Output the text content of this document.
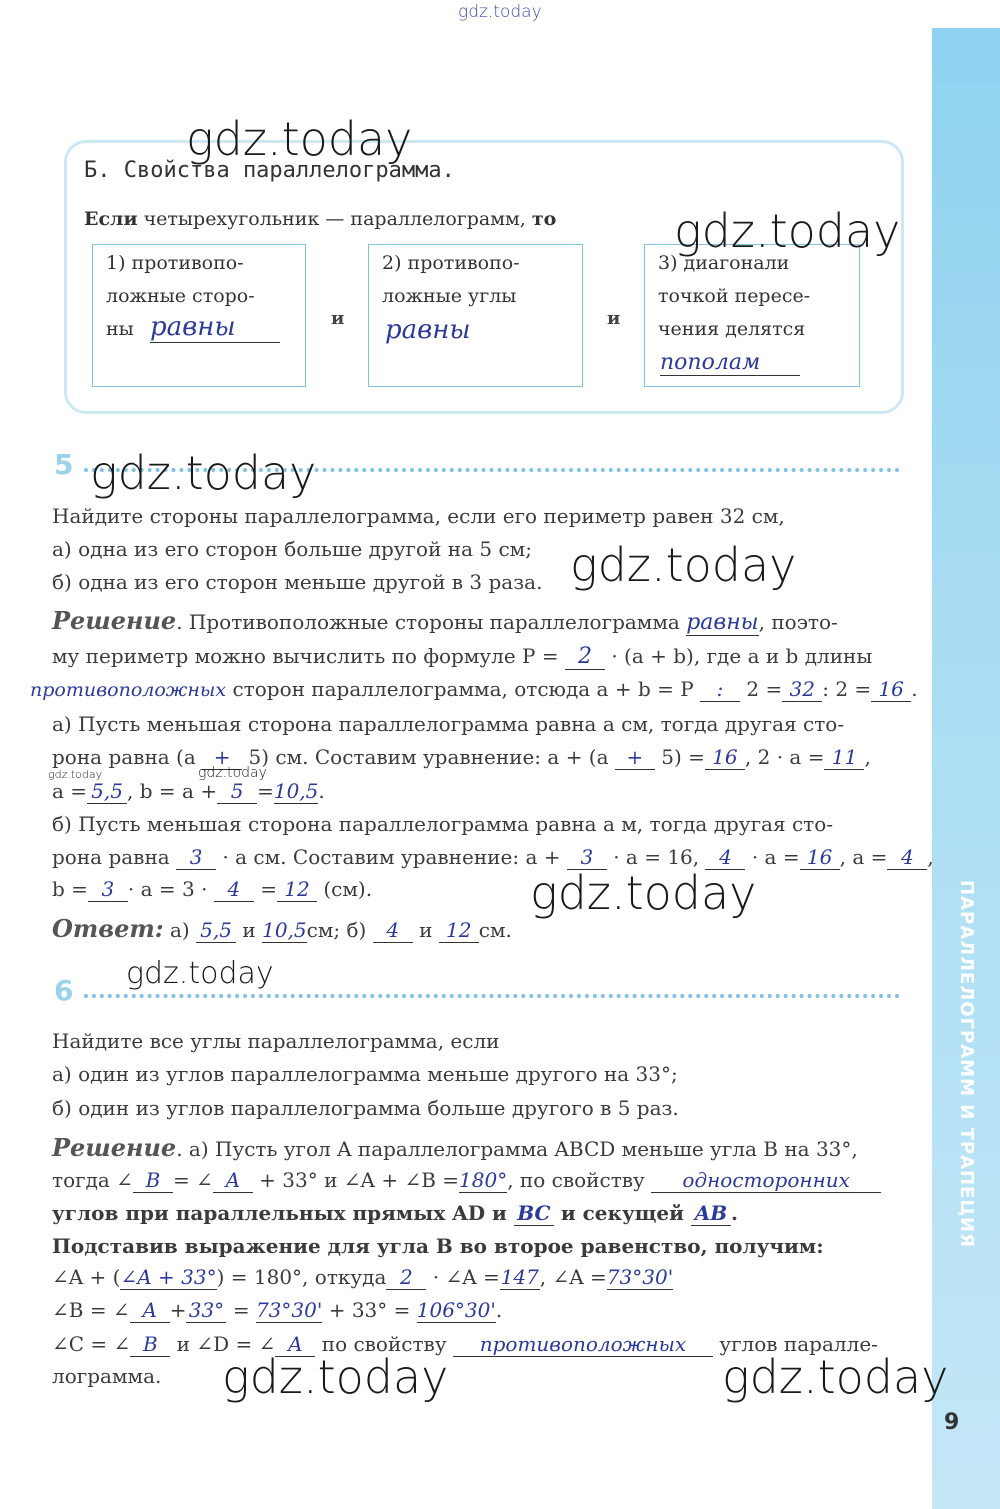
ПАРАЛЛЕЛОГРАММ И ТРАПЕЦИЯ
9
gdz.today
Б. Свойства параллелограмма.
Если четырехугольник — параллелограмм, то
1) противопо-
ложные сторо-
ны равны	и
2) противопо-
ложные углы
равны	и
3) диагонали
точкой пересе-
чения делятся
пополам
5
Найдите стороны параллелограмма, если его периметр равен 32 см,
а) одна из его сторон больше другой на 5 см;
б) одна из его сторон меньше другой в 3 раза.
Решение. Противоположные стороны параллелограмма равны, поэто-
му периметр можно вычислить по формуле P = 2 · (a + b), где a и b длины
противоположных сторон параллелограмма, отсюда a + b = P : 2 = 32 : 2 = 16 .
а) Пусть меньшая сторона параллелограмма равна a см, тогда другая сто-
рона равна (a + 5) см. Составим уравнение: a + (a + 5) = 16 , 2 · a = 11 ,
a = 5,5 , b = a + 5 =10,5.
б) Пусть меньшая сторона параллелограмма равна a м, тогда другая сто-
рона равна 3 · a см. Составим уравнение: a + 3 · a = 16, 4 · a = 16 , a = 4 ,
b = 3 · a = 3 · 4 = 12 (см).
Ответ: а) 5,5 и 10,5см; б) 4 и 12 см.
6
Найдите все углы параллелограмма, если
а) один из углов параллелограмма меньше другого на 33°;
б) один из углов параллелограмма больше другого в 5 раз.
Решение. а) Пусть угол A параллелограмма ABCD меньше угла B на 33°,
тогда ∠ B = ∠ A + 33° и ∠A + ∠B =180°, по свойству односторонних
углов при параллельных прямых AD и BC и секущей AB .
Подставив выражение для угла B во второе равенство, получим:
∠A + (∠A + 33°) = 180°, откуда 2 · ∠A =147, ∠A =73°30'
∠B = ∠ A + 33° = 73°30' + 33° = 106°30'.
∠C = ∠ B и ∠D = ∠ A по свойству противоположных углов паралле-
лограмма.
gdz.today
gdz.today
gdz.today
gdz.today
gdz.today
gdz.today
gdz.today	gdz.today
gdz.today	gdz.today
